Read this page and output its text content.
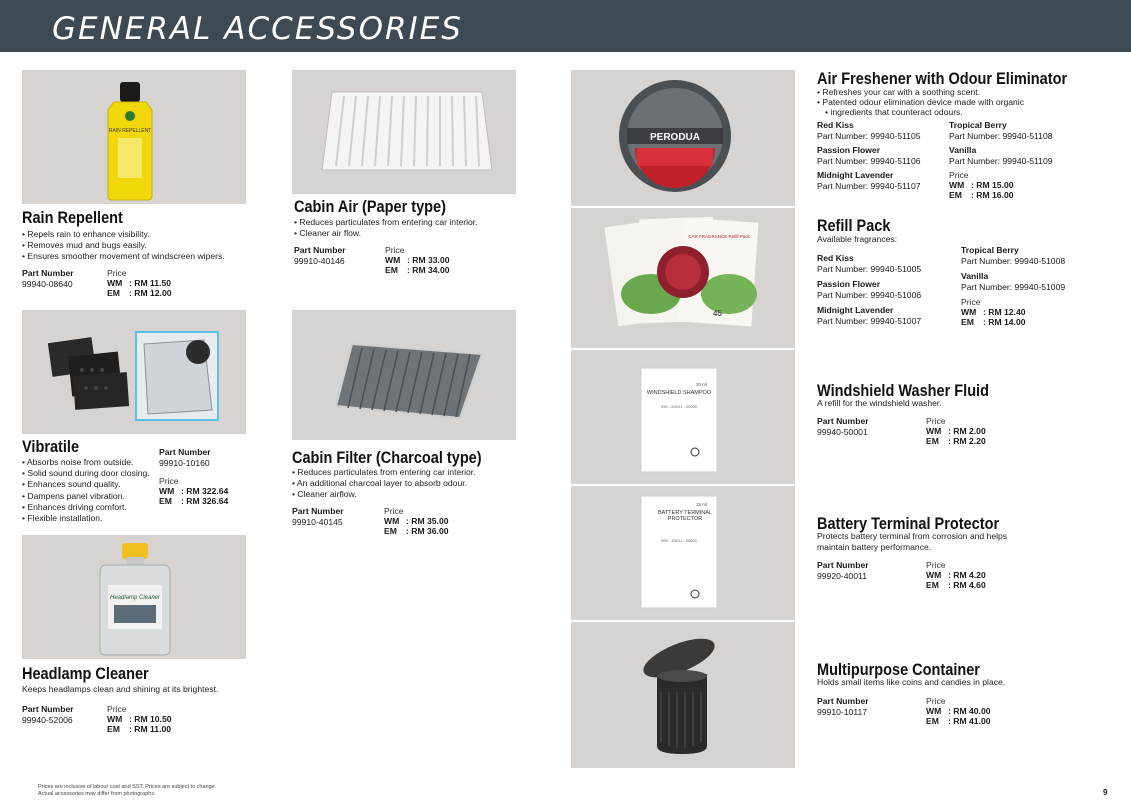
GENERAL ACCESSORIES
RAIN REPELLENT
Rain Repellent
• Repels rain to enhance visibility.
• Removes mud and bugs easily.
• Ensures smoother movement of windscreen wipers.
Part Number
99940-08640
Price
WM : RM 11.50
EM : RM 12.00
Cabin Air (Paper type)
• Reduces particulates from entering car interior.
• Cleaner air flow.
Part Number
99910-40146
Price
WM : RM 33.00
EM : RM 34.00
Vibratile
• Absorbs noise from outside.
• Solid sound during door closing.
• Enhances sound quality.
• Dampens panel vibration.
• Enhances driving comfort.
• Flexible installation.
Part Number
99910-10160
Price
WM : RM 322.64
EM : RM 326.64
Cabin Filter (Charcoal type)
• Reduces particulates from entering car interior.
• An additional charcoal layer to absorb odour.
• Cleaner airflow.
Part Number
99910-40145
Price
WM : RM 35.00
EM : RM 36.00
Headlamp Cleaner
Headlamp Cleaner
Keeps headlamps clean and shining at its brightest.
Part Number
99940-52006
Price
WM : RM 10.50
EM : RM 11.00
PERODUA
CAR FRAGRANCE Refill Pack
45
30 ml
WINDSHIELD SHAMPOO
999 - 50001 - 00000
15 ml
BATTERY TERMINAL PROTECTOR
999 - 40011 - 00000
Air Freshener with Odour Eliminator
• Refreshes your car with a soothing scent.
• Patented odour elimination device made with organic
• ingredients that counteract odours.
Red Kiss
Part Number: 99940-51105
Passion Flower
Part Number: 99940-51106
Midnight Lavender
Part Number: 99940-51107
Tropical Berry
Part Number: 99940-51108
Vanilla
Part Number: 99940-51109
Price
WM : RM 15.00
EM : RM 16.00
Refill Pack
Available fragrances:
Red Kiss
Part Number: 99940-51005
Passion Flower
Part Number: 99940-51006
Midnight Lavender
Part Number: 99940-51007
Tropical Berry
Part Number: 99940-51008
Vanilla
Part Number: 99940-51009
Price
WM : RM 12.40
EM : RM 14.00
Windshield Washer Fluid
A refill for the windshield washer.
Part Number
99940-50001
Price
WM : RM 2.00
EM : RM 2.20
Battery Terminal Protector
Protects battery terminal from corrosion and helps
maintain battery performance.
Part Number
99920-40011
Price
WM : RM 4.20
EM : RM 4.60
Multipurpose Container
Holds small items like coins and candies in place.
Part Number
99910-10117
Price
WM : RM 40.00
EM : RM 41.00
Prices are inclusive of labour cost and SST. Prices are subject to change.
Actual accessories may differ from photographs.	9
